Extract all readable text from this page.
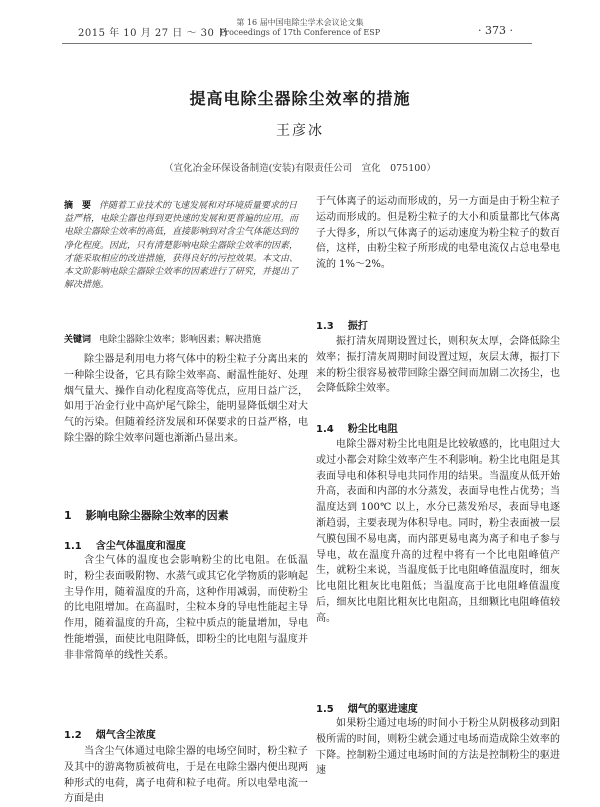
2015 年 10 月 27 日 ～ 30 日
第 16 届中国电除尘学术会议论文集
Proceedings of 17th Conference of ESP	· 373 ·
提高电除尘器除尘效率的措施
王彦冰
（宣化冶金环保设备制造(安装)有限责任公司　宣化　075100）

摘　要 伴随着工业技术的飞速发展和对环境质量要求的日益严格，电除尘器也得到更快速的发展和更普遍的应用。而电除尘器除尘效率的高低，直接影响到对含尘气体能达到的净化程度。因此，只有清楚影响电除尘器除尘效率的因素，才能采取相应的改进措施，获得良好的污控效果。本文由、本文阶影响电除尘器除尘效率的因素进行了研究，并提出了解决措施。

关键词 电除尘器除尘效率；影响因素；解决措施

除尘器是利用电力将气体中的粉尘粒子分离出来的一种除尘设备，它具有除尘效率高、耐温性能好、处理烟气量大、操作自动化程度高等优点，应用日益广泛，如用于冶金行业中高炉尾气除尘，能明显降低烟尘对大气的污染。但随着经济发展和环保要求的日益严格，电除尘器的除尘效率问题也渐渐凸显出来。

1 影响电除尘器除尘效率的因素
1.1 含尘气体温度和湿度

含尘气体的温度也会影响粉尘的比电阻。在低温时，粉尘表面吸附物、水蒸气或其它化学物质的影响起主导作用，随着温度的升高，这种作用减弱，而使粉尘的比电阻增加。在高温时，尘粒本身的导电性能起主导作用，随着温度的升高，尘粒中质点的能量增加，导电性能增强，面使比电阻降低，即粉尘的比电阻与温度并非非常简单的线性关系。

1.2 烟气含尘浓度

当含尘气体通过电除尘器的电场空间时，粉尘粒子及其中的游离物质被荷电，于是在电除尘器内便出现两种形式的电荷，离子电荷和粒子电荷。所以电晕电流一方面是由

于气体离子的运动而形成的，另一方面是由于粉尘粒子运动而形成的。但是粉尘粒子的大小和质量都比气体离子大得多，所以气体离子的运动速度为粉尘粒子的数百倍，这样，由粉尘粒子所形成的电晕电流仅占总电晕电流的 1%～2%。

1.3 振打

振打清灰周期设置过长，则积灰太厚，会降低除尘效率；振打清灰周期时间设置过短，灰层太薄，振打下来的粉尘很容易被带回除尘器空间而加剧二次扬尘，也会降低除尘效率。

1.4 粉尘比电阻

电除尘器对粉尘比电阻是比较敏感的，比电阻过大或过小都会对除尘效率产生不利影响。粉尘比电阻是其表面导电和体积导电共同作用的结果。当温度从低开始升高，表面和内部的水分蒸发，表面导电性占优势；当温度达到 100℃ 以上，水分已蒸发殆尽，表面导电逐渐趋弱，主要表现为体积导电。同时，粉尘表面被一层气膜包围不易电离，而内部更易电离为离子和电子参与导电，故在温度升高的过程中将有一个比电阻峰值产生，就粉尘来说，当温度低于比电阻峰值温度时，细灰比电阻比粗灰比电阻低；当温度高于比电阻峰值温度后，细灰比电阻比粗灰比电阻高，且细颗比电阻峰值较高。

1.5 烟气的驱进速度

如果粉尘通过电场的时间小于粉尘从阴极移动到阳极所需的时间，则粉尘就会通过电场而造成除尘效率的下降。控制粉尘通过电场时间的方法是控制粉尘的驱进速
